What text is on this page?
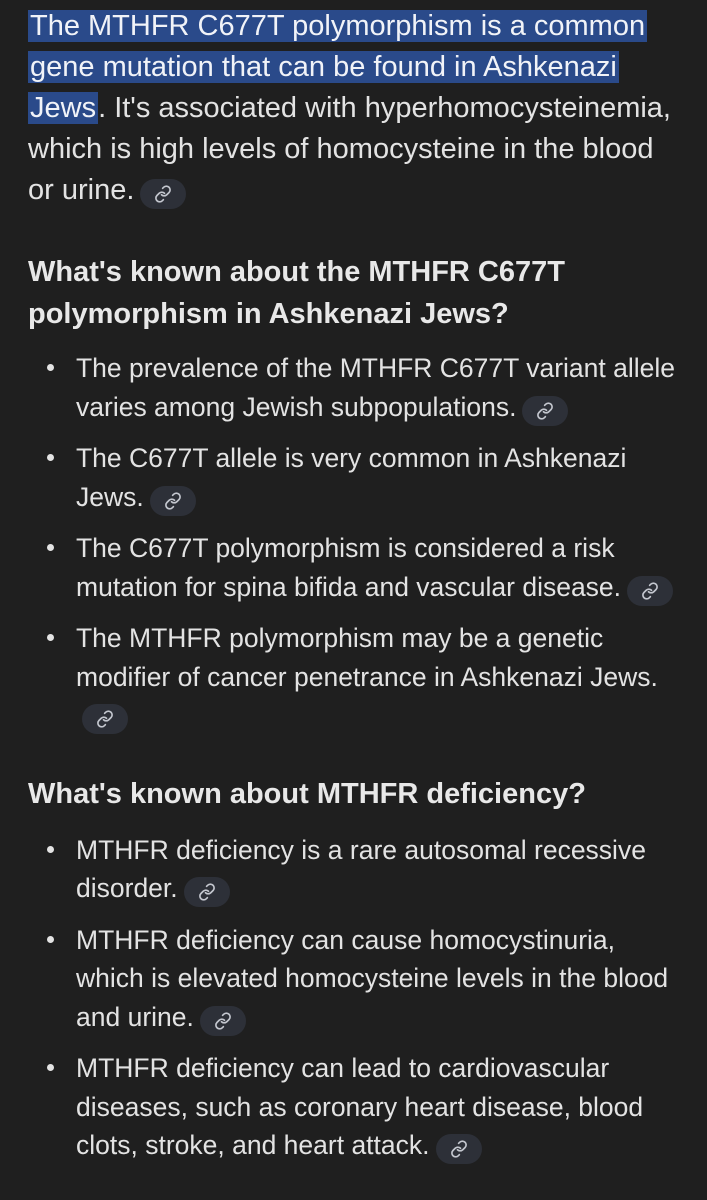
The MTHFR C677T polymorphism is a common gene mutation that can be found in Ashkenazi Jews. It's associated with hyperhomocysteinemia, which is high levels of homocysteine in the blood or urine.

What's known about the MTHFR C677T polymorphism in Ashkenazi Jews?
The prevalence of the MTHFR C677T variant allele varies among Jewish subpopulations.
The C677T allele is very common in Ashkenazi Jews.
The C677T polymorphism is considered a risk mutation for spina bifida and vascular disease.
The MTHFR polymorphism may be a genetic modifier of cancer penetrance in Ashkenazi Jews.
What's known about MTHFR deficiency?
MTHFR deficiency is a rare autosomal recessive disorder.
MTHFR deficiency can cause homocystinuria, which is elevated homocysteine levels in the blood and urine.
MTHFR deficiency can lead to cardiovascular diseases, such as coronary heart disease, blood clots, stroke, and heart attack.
